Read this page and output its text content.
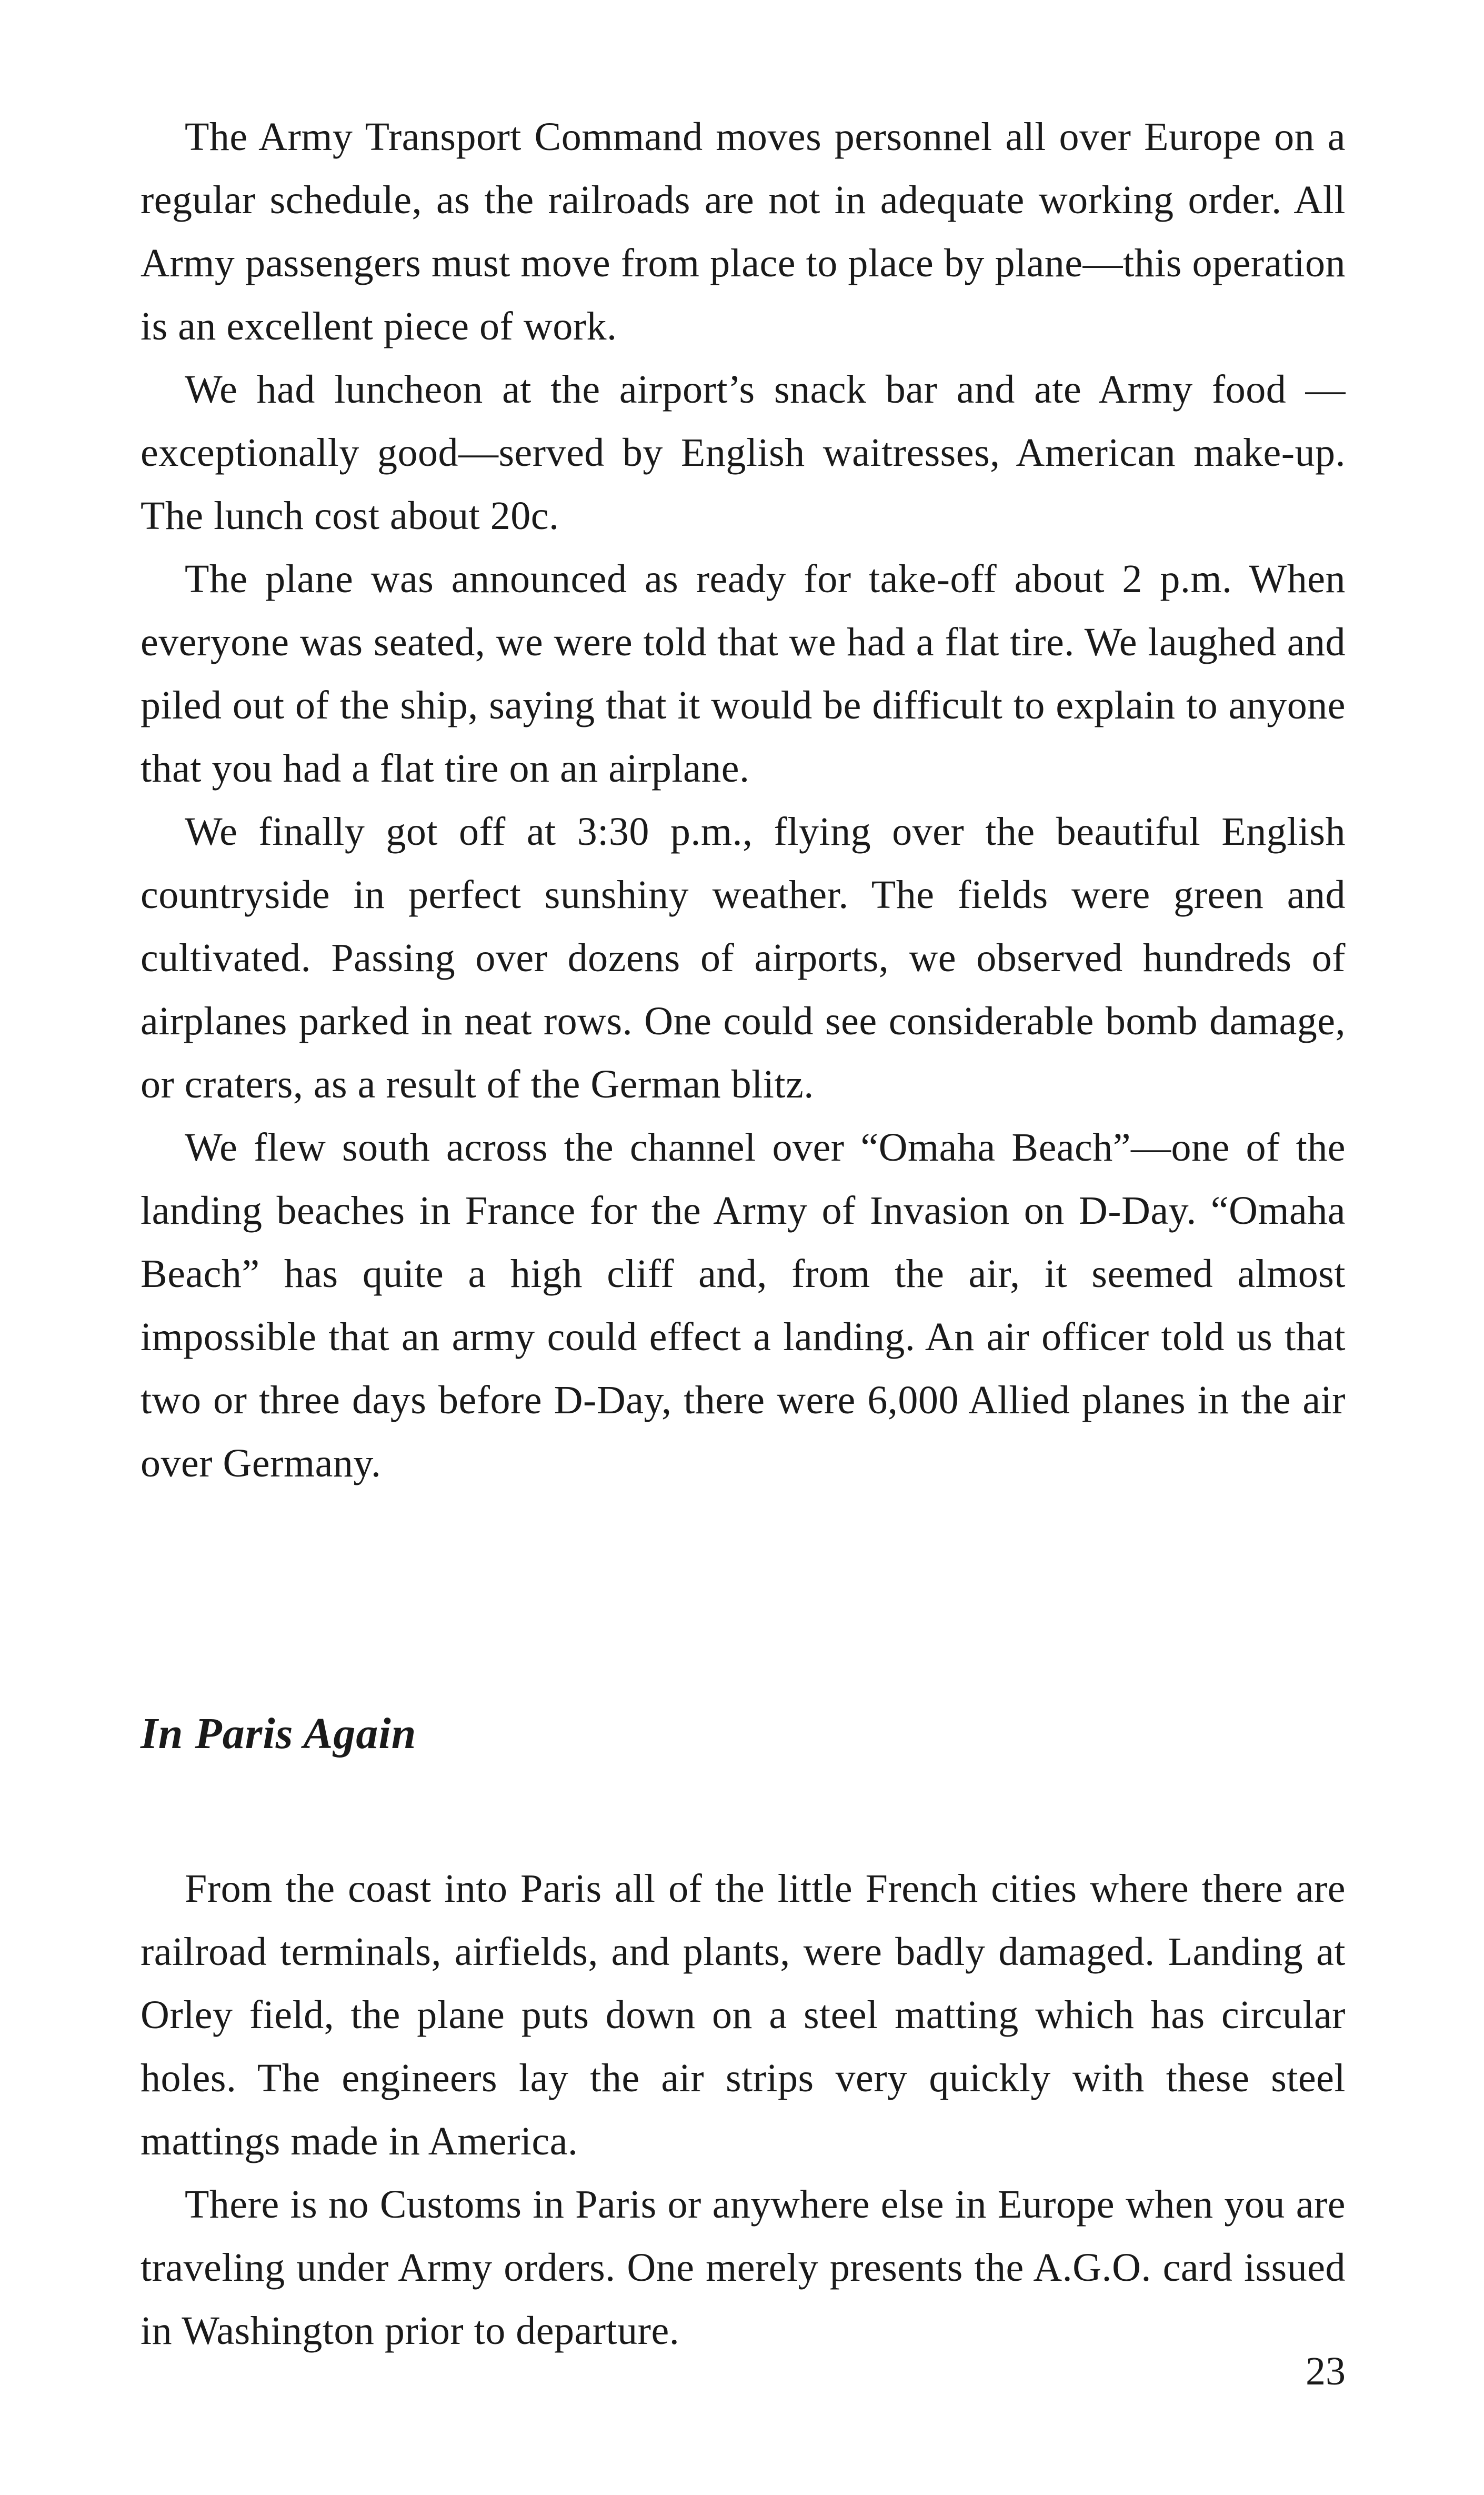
The Army Transport Command moves personnel all over Europe on a regular schedule, as the railroads are not in adequate working order. All Army passengers must move from place to place by plane—this operation is an excellent piece of work.

We had luncheon at the airport’s snack bar and ate Army food —exceptionally good—served by English waitresses, American make-up. The lunch cost about 20c.

The plane was announced as ready for take-off about 2 p.m. When everyone was seated, we were told that we had a flat tire. We laughed and piled out of the ship, saying that it would be difficult to explain to anyone that you had a flat tire on an airplane.

We finally got off at 3:30 p.m., flying over the beautiful English countryside in perfect sunshiny weather. The fields were green and cultivated. Passing over dozens of airports, we observed hundreds of airplanes parked in neat rows. One could see considerable bomb damage, or craters, as a result of the German blitz.

We flew south across the channel over “Omaha Beach”—one of the landing beaches in France for the Army of Invasion on D-Day. “Omaha Beach” has quite a high cliff and, from the air, it seemed almost impossible that an army could effect a landing. An air officer told us that two or three days before D-Day, there were 6,000 Allied planes in the air over Germany.

In Paris Again

From the coast into Paris all of the little French cities where there are railroad terminals, airfields, and plants, were badly damaged. Landing at Orley field, the plane puts down on a steel matting which has circular holes. The engineers lay the air strips very quickly with these steel mattings made in America.

There is no Customs in Paris or anywhere else in Europe when you are traveling under Army orders. One merely presents the A.G.O. card issued in Washington prior to departure.

23
